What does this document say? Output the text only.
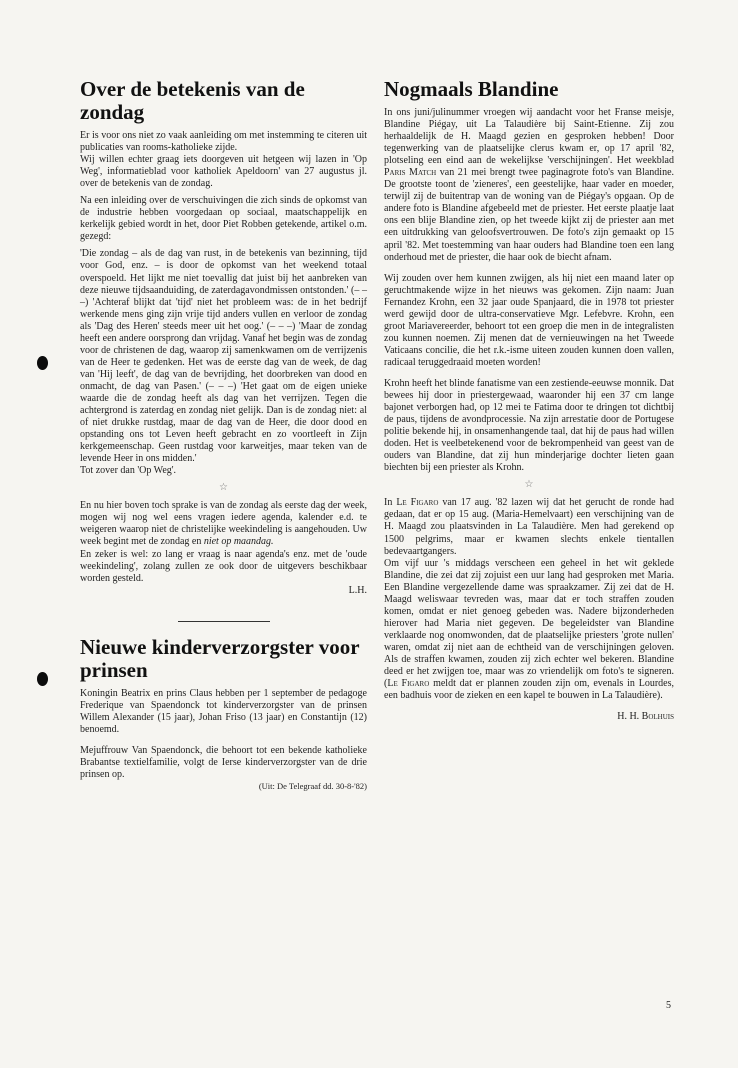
Over de betekenis van de zondag

Er is voor ons niet zo vaak aanleiding om met instemming te citeren uit publicaties van rooms-katholieke zijde.

Wij willen echter graag iets doorgeven uit hetgeen wij lazen in 'Op Weg', informatieblad voor katholiek Apeldoorn' van 27 augustus jl. over de betekenis van de zondag.

Na een inleiding over de verschuivingen die zich sinds de opkomst van de industrie hebben voorgedaan op sociaal, maatschappelijk en kerkelijk gebied wordt in het, door Piet Robben getekende, artikel o.m. gezegd:

'Die zondag – als de dag van rust, in de betekenis van bezinning, tijd voor God, enz. – is door de opkomst van het weekend totaal overspoeld. Het lijkt me niet toevallig dat juist bij het aanbreken van deze nieuwe tijdsaanduiding, de zaterdagavondmissen ontstonden.' (– – –) 'Achteraf blijkt dat 'tijd' niet het probleem was: de in het bedrijf werkende mens ging zijn vrije tijd anders vullen en verloor de zondag als 'Dag des Heren' steeds meer uit het oog.' (– – –) 'Maar de zondag heeft een andere oorsprong dan vrijdag. Vanaf het begin was de zondag voor de christenen de dag, waarop zij samenkwamen om de verrijzenis van de Heer te gedenken. Het was de eerste dag van de week, de dag van 'Hij leeft', de dag van de bevrijding, het doorbreken van dood en onmacht, de dag van Pasen.' (– – –) 'Het gaat om de eigen unieke waarde die de zondag heeft als dag van het verrijzen. Tegen die achtergrond is zaterdag en zondag niet gelijk. Dan is de zondag niet: al of niet drukke rustdag, maar de dag van de Heer, die door dood en opstanding ons tot Leven heeft gebracht en zo voortleeft in Zijn kerkgemeenschap. Geen rustdag voor karweitjes, maar teken van de levende Heer in ons midden.'

Tot zover dan 'Op Weg'.

☆

En nu hier boven toch sprake is van de zondag als eerste dag der week, mogen wij nog wel eens vragen iedere agenda, kalender e.d. te weigeren waarop niet de christelijke weekindeling is aangehouden. Uw week begint met de zondag en niet op maandag.

En zeker is wel: zo lang er vraag is naar agenda's enz. met de 'oude weekindeling', zolang zullen ze ook door de uitgevers beschikbaar worden gesteld.

L.H.

Nieuwe kinderverzorgster voor prinsen

Koningin Beatrix en prins Claus hebben per 1 september de pedagoge Frederique van Spaendonck tot kinderverzorgster van de prinsen Willem Alexander (15 jaar), Johan Friso (13 jaar) en Constantijn (12) benoemd.

Mejuffrouw Van Spaendonck, die behoort tot een bekende katholieke Brabantse textielfamilie, volgt de Ierse kinderverzorgster van de drie prinsen op.

(Uit: De Telegraaf dd. 30-8-'82)

Nogmaals Blandine

In ons juni/julinummer vroegen wij aandacht voor het Franse meisje, Blandine Piégay, uit La Talaudière bij Saint-Etienne. Zij zou herhaaldelijk de H. Maagd gezien en gesproken hebben! Door tegenwerking van de plaatselijke clerus kwam er, op 17 april '82, plotseling een eind aan de wekelijkse 'verschijningen'. Het weekblad Paris Match van 21 mei brengt twee paginagrote foto's van Blandine. De grootste toont de 'zieneres', een geestelijke, haar vader en moeder, terwijl zij de buitentrap van de woning van de Piégay's opgaan. Op de andere foto is Blandine afgebeeld met de priester. Het eerste plaatje laat ons een blije Blandine zien, op het tweede kijkt zij de priester aan met een uitdrukking van geloofsvertrouwen. De foto's zijn gemaakt op 15 april '82. Met toestemming van haar ouders had Blandine toen een lang onderhoud met de priester, die haar ook de biecht afnam.

Wij zouden over hem kunnen zwijgen, als hij niet een maand later op geruchtmakende wijze in het nieuws was gekomen. Zijn naam: Juan Fernandez Krohn, een 32 jaar oude Spanjaard, die in 1978 tot priester werd gewijd door de ultra-conservatieve Mgr. Lefebvre. Krohn, een groot Mariavereerder, behoort tot een groep die men in de integralisten zou kunnen noemen. Zij menen dat de vernieuwingen na het Tweede Vaticaans concilie, die het r.k.-isme uiteen zouden kunnen doen vallen, radicaal teruggedraaid moeten worden!

Krohn heeft het blinde fanatisme van een zestiende-eeuwse monnik. Dat bewees hij door in priestergewaad, waaronder hij een 37 cm lange bajonet verborgen had, op 12 mei te Fatima door te dringen tot dichtbij de paus, tijdens de avondprocessie. Na zijn arrestatie door de Portugese politie bekende hij, in onsamenhangende taal, dat hij de paus had willen doden. Het is veelbetekenend voor de bekrompenheid van geest van de ouders van Blandine, dat zij hun minderjarige dochter lieten gaan biechten bij een priester als Krohn.

☆

In Le Figaro van 17 aug. '82 lazen wij dat het gerucht de ronde had gedaan, dat er op 15 aug. (Maria-Hemelvaart) een verschijning van de H. Maagd zou plaatsvinden in La Talaudière. Men had gerekend op 1500 pelgrims, maar er kwamen slechts enkele tientallen bedevaartgangers.

Om vijf uur 's middags verscheen een geheel in het wit geklede Blandine, die zei dat zij zojuist een uur lang had gesproken met Maria. Een Blandine vergezellende dame was spraakzamer. Zij zei dat de H. Maagd weliswaar tevreden was, maar dat er toch straffen zouden komen, omdat er niet genoeg gebeden was. Nadere bijzonderheden hierover had Maria niet gegeven. De begeleidster van Blandine verklaarde nog onomwonden, dat de plaatselijke priesters 'grote nullen' waren, omdat zij niet aan de echtheid van de verschijningen geloven. Als de straffen kwamen, zouden zij zich echter wel bekeren. Blandine deed er het zwijgen toe, maar was zo vriendelijk om foto's te signeren. (Le Figaro meldt dat er plannen zouden zijn om, evenals in Lourdes, een badhuis voor de zieken en een kapel te bouwen in La Talaudière).

H. H. Bolhuis

5
